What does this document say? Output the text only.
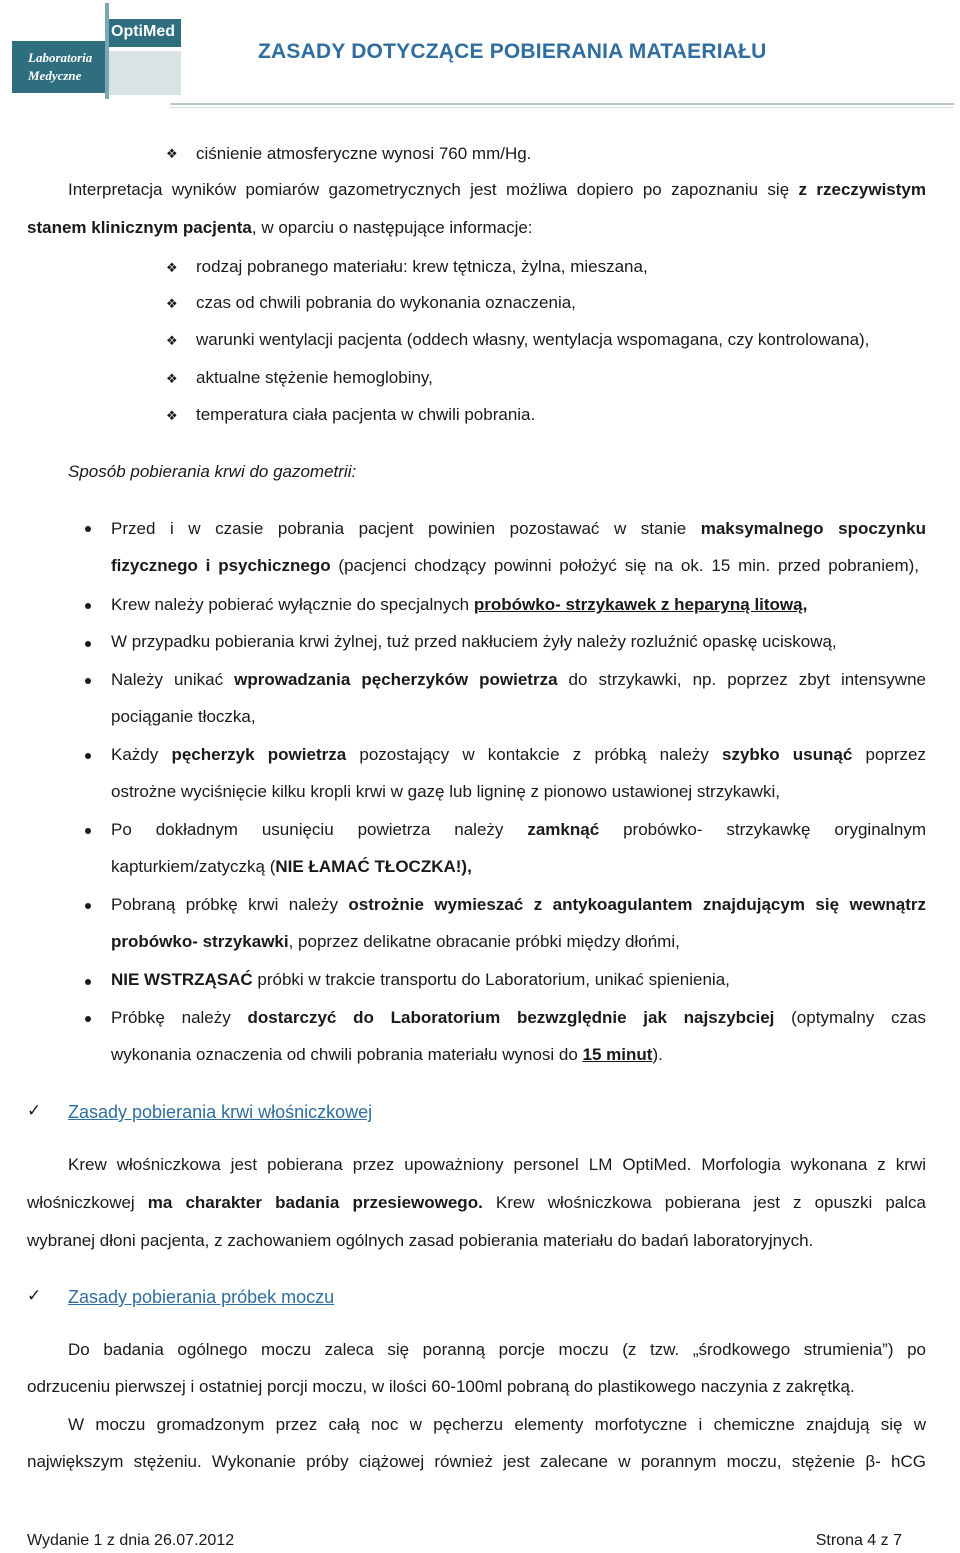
Laboratoria
Medyczne
OptiMed
ZASADY DOTYCZĄCE POBIERANIA MATAERIAŁU
❖ ciśnienie atmosferyczne wynosi 760 mm/Hg.
Interpretacja wyników pomiarów gazometrycznych jest możliwa dopiero po zapoznaniu się z rzeczywistym
stanem klinicznym pacjenta, w oparciu o następujące informacje:
❖ rodzaj pobranego materiału: krew tętnicza, żylna, mieszana,
❖ czas od chwili pobrania do wykonania oznaczenia,
❖ warunki wentylacji pacjenta (oddech własny, wentylacja wspomagana, czy kontrolowana),
❖ aktualne stężenie hemoglobiny,
❖ temperatura ciała pacjenta w chwili pobrania.
Sposób pobierania krwi do gazometrii:
Przed i w czasie pobrania pacjent powinien pozostawać w stanie maksymalnego spoczynku
fizycznego i psychicznego (pacjenci chodzący powinni położyć się na ok. 15 min. przed pobraniem),
Krew należy pobierać wyłącznie do specjalnych probówko- strzykawek z heparyną litową,
W przypadku pobierania krwi żylnej, tuż przed nakłuciem żyły należy rozluźnić opaskę uciskową,
Należy unikać wprowadzania pęcherzyków powietrza do strzykawki, np. poprzez zbyt intensywne
pociąganie tłoczka,
Każdy pęcherzyk powietrza pozostający w kontakcie z próbką należy szybko usunąć poprzez
ostrożne wyciśnięcie kilku kropli krwi w gazę lub ligninę z pionowo ustawionej strzykawki,
Po dokładnym usunięciu powietrza należy zamknąć probówko- strzykawkę oryginalnym
kapturkiem/zatyczką (NIE ŁAMAĆ TŁOCZKA!),
Pobraną próbkę krwi należy ostrożnie wymieszać z antykoagulantem znajdującym się wewnątrz
probówko- strzykawki, poprzez delikatne obracanie próbki między dłońmi,
NIE WSTRZĄSAĆ próbki w trakcie transportu do Laboratorium, unikać spienienia,
Próbkę należy dostarczyć do Laboratorium bezwzględnie jak najszybciej (optymalny czas
wykonania oznaczenia od chwili pobrania materiału wynosi do 15 minut).
✓ Zasady pobierania krwi włośniczkowej
Krew włośniczkowa jest pobierana przez upoważniony personel LM OptiMed. Morfologia wykonana z krwi
włośniczkowej ma charakter badania przesiewowego. Krew włośniczkowa pobierana jest z opuszki palca
wybranej dłoni pacjenta, z zachowaniem ogólnych zasad pobierania materiału do badań laboratoryjnych.
✓ Zasady pobierania próbek moczu
Do badania ogólnego moczu zaleca się poranną porcje moczu (z tzw. „środkowego strumienia”) po
odrzuceniu pierwszej i ostatniej porcji moczu, w ilości 60-100ml pobraną do plastikowego naczynia z zakrętką.
W moczu gromadzonym przez całą noc w pęcherzu elementy morfotyczne i chemiczne znajdują się w
największym stężeniu. Wykonanie próby ciążowej również jest zalecane w porannym moczu, stężenie β- hCG
Wydanie 1 z dnia 26.07.2012	Strona 4 z 7
